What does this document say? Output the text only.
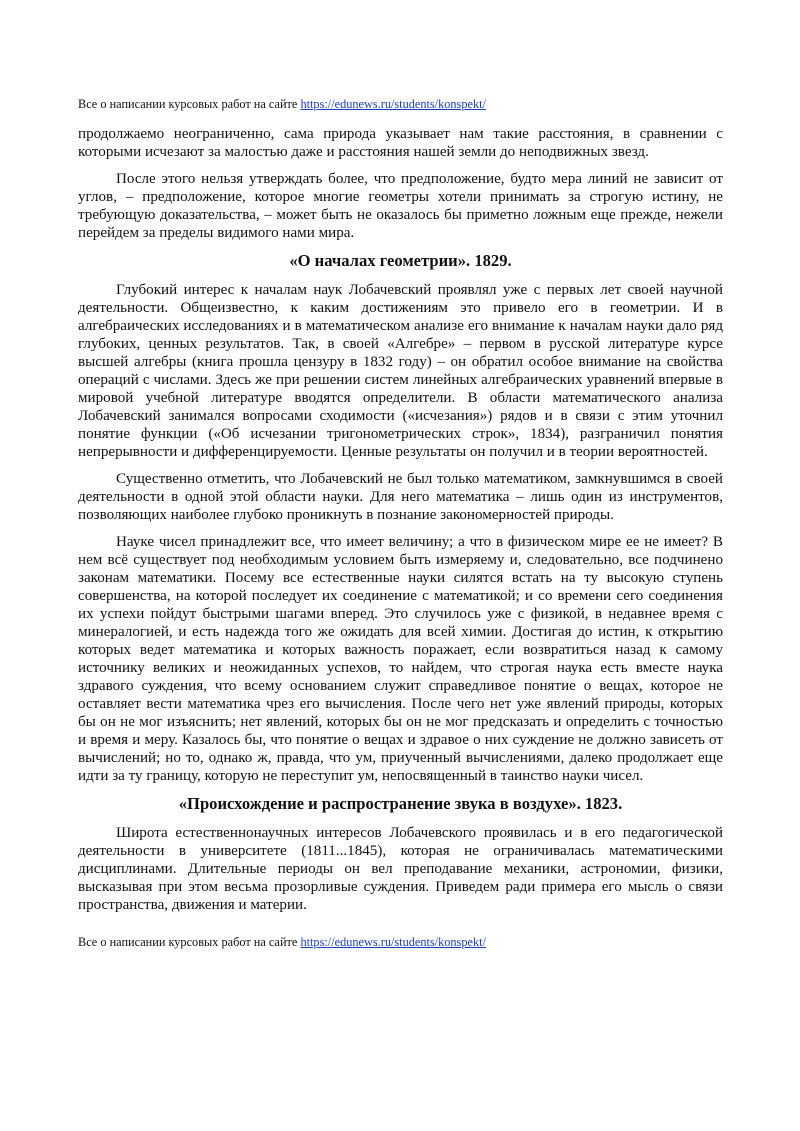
Все о написании курсовых работ на сайте https://edunews.ru/students/konspekt/

продолжаемо неограниченно, сама природа указывает нам такие расстояния, в сравнении с которыми исчезают за малостью даже и расстояния нашей земли до неподвижных звезд.

После этого нельзя утверждать более, что предположение, будто мера линий не зависит от углов, – предположение, которое многие геометры хотели принимать за строгую истину, не требующую доказательства, – может быть не оказалось бы приметно ложным еще прежде, нежели перейдем за пределы видимого нами мира.

«О началах геометрии». 1829.

Глубокий интерес к началам наук Лобачевский проявлял уже с первых лет своей научной деятельности. Общеизвестно, к каким достижениям это привело его в геометрии. И в алгебраических исследованиях и в математическом анализе его внимание к началам науки дало ряд глубоких, ценных результатов. Так, в своей «Алгебре» – первом в русской литературе курсе высшей алгебры (книга прошла цензуру в 1832 году) – он обратил особое внимание на свойства операций с числами. Здесь же при решении систем линейных алгебраических уравнений впервые в мировой учебной литературе вводятся определители. В области математического анализа Лобачевский занимался вопросами сходимости («исчезания») рядов и в связи с этим уточнил понятие функции («Об исчезании тригонометрических строк», 1834), разграничил понятия непрерывности и дифференцируемости. Ценные результаты он получил и в теории вероятностей.

Существенно отметить, что Лобачевский не был только математиком, замкнувшимся в своей деятельности в одной этой области науки. Для него математика – лишь один из инструментов, позволяющих наиболее глубоко проникнуть в познание закономерностей природы.

Науке чисел принадлежит все, что имеет величину; а что в физическом мире ее не имеет? В нем всё существует под необходимым условием быть измеряему и, следовательно, все подчинено законам математики. Посему все естественные науки силятся встать на ту высокую ступень совершенства, на которой последует их соединение с математикой; и со времени сего соединения их успехи пойдут быстрыми шагами вперед. Это случилось уже с физикой, в недавнее время с минералогией, и есть надежда того же ожидать для всей химии. Достигая до истин, к открытию которых ведет математика и которых важность поражает, если возвратиться назад к самому источнику великих и неожиданных успехов, то найдем, что строгая наука есть вместе наука здравого суждения, что всему основанием служит справедливое понятие о вещах, которое не оставляет вести математика чрез его вычисления. После чего нет уже явлений природы, которых бы он не мог изъяснить; нет явлений, которых бы он не мог предсказать и определить с точностью и время и меру. Казалось бы, что понятие о вещах и здравое о них суждение не должно зависеть от вычислений; но то, однако ж, правда, что ум, приученный вычислениями, далеко продолжает еще идти за ту границу, которую не переступит ум, непосвященный в таинство науки чисел.

«Происхождение и распространение звука в воздухе». 1823.

Широта естественнонаучных интересов Лобачевского проявилась и в его педагогической деятельности в университете (1811...1845), которая не ограничивалась математическими дисциплинами. Длительные периоды он вел преподавание механики, астрономии, физики, высказывая при этом весьма прозорливые суждения. Приведем ради примера его мысль о связи пространства, движения и материи.

Все о написании курсовых работ на сайте https://edunews.ru/students/konspekt/
